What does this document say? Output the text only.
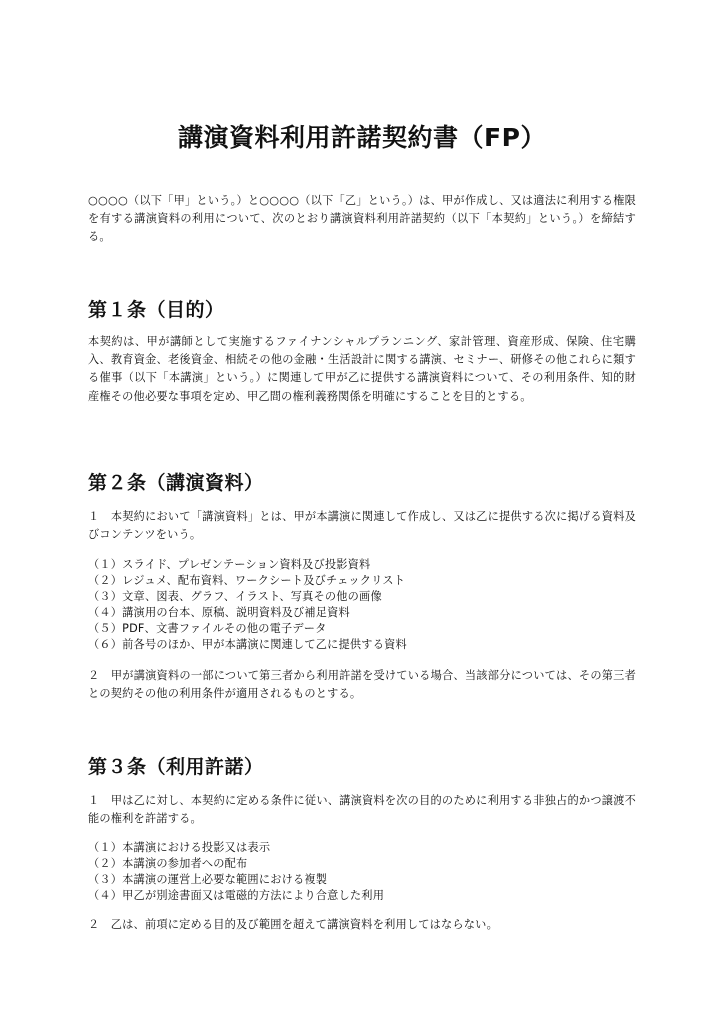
講演資料利用許諾契約書（FP）

○○○○（以下「甲」という。）と○○○○（以下「乙」という。）は、甲が作成し、又は適法に利用する権限を有する講演資料の利用について、次のとおり講演資料利用許諾契約（以下「本契約」という。）を締結する。

第１条（目的）

本契約は、甲が講師として実施するファイナンシャルプランニング、家計管理、資産形成、保険、住宅購入、教育資金、老後資金、相続その他の金融・生活設計に関する講演、セミナー、研修その他これらに類する催事（以下「本講演」という。）に関連して甲が乙に提供する講演資料について、その利用条件、知的財産権その他必要な事項を定め、甲乙間の権利義務関係を明確にすることを目的とする。

第２条（講演資料）

１　本契約において「講演資料」とは、甲が本講演に関連して作成し、又は乙に提供する次に掲げる資料及びコンテンツをいう。

（１）スライド、プレゼンテーション資料及び投影資料
（２）レジュメ、配布資料、ワークシート及びチェックリスト
（３）文章、図表、グラフ、イラスト、写真その他の画像
（４）講演用の台本、原稿、説明資料及び補足資料
（５）PDF、文書ファイルその他の電子データ
（６）前各号のほか、甲が本講演に関連して乙に提供する資料

２　甲が講演資料の一部について第三者から利用許諾を受けている場合、当該部分については、その第三者との契約その他の利用条件が適用されるものとする。

第３条（利用許諾）

１　甲は乙に対し、本契約に定める条件に従い、講演資料を次の目的のために利用する非独占的かつ譲渡不能の権利を許諾する。

（１）本講演における投影又は表示
（２）本講演の参加者への配布
（３）本講演の運営上必要な範囲における複製
（４）甲乙が別途書面又は電磁的方法により合意した利用

２　乙は、前項に定める目的及び範囲を超えて講演資料を利用してはならない。
